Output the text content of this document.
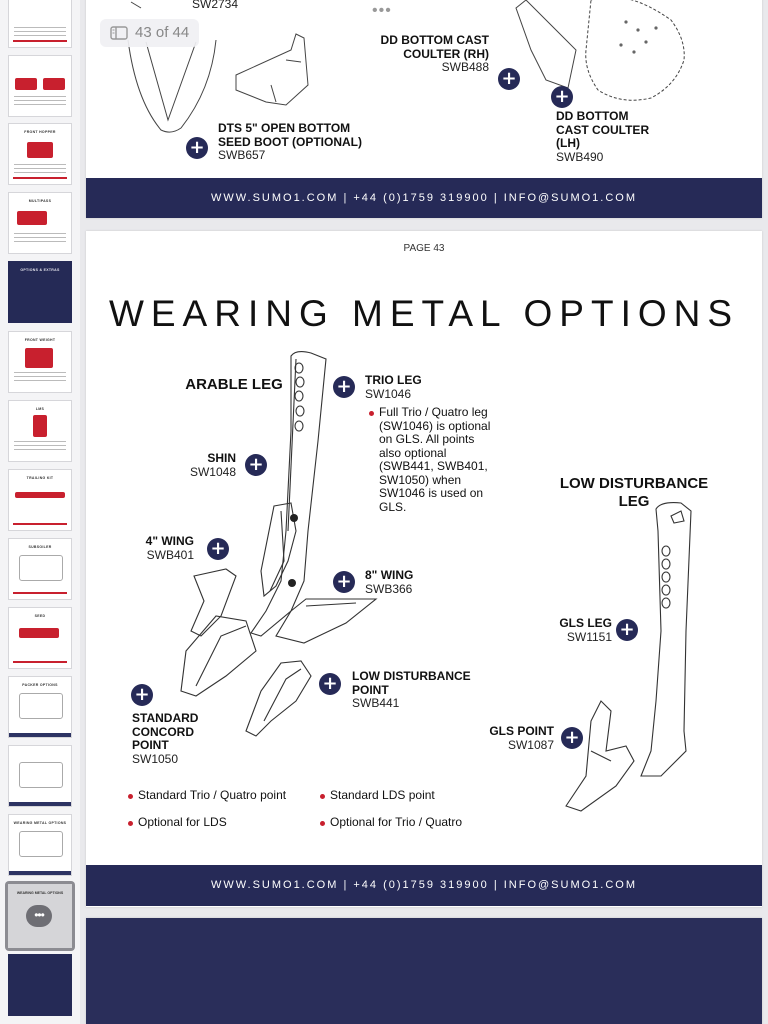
FRONT HOPPER
MULTIPASS
OPTIONS & EXTRAS
FRONT WEIGHT
LMS
TRAILING KIT
SUBSOILER
SEED
PACKER OPTIONS
WEARING METAL OPTIONS
WEARING METAL OPTIONS
•••
SW2734
DD BOTTOM CAST COULTER (RH)
SWB488
+
+
+
DTS 5" OPEN BOTTOM SEED BOOT (OPTIONAL)
SWB657
DD BOTTOM CAST COULTER (LH)
SWB490
WWW.SUMO1.COM | +44 (0)1759 319900 | INFO@SUMO1.COM
PAGE 43
WEARING METAL OPTIONS
ARABLE LEG
LOW DISTURBANCE LEG
+ TRIO LEG
SW1046
Full Trio / Quatro leg (SW1046) is optional on GLS. All points also optional (SWB441, SWB401, SW1050) when SW1046 is used on GLS.
SHIN
SW1048 +
4" WING
SWB401 +
+ 8" WING
SWB366
+ LOW DISTURBANCE POINT
SWB441
+
STANDARD CONCORD POINT
SW1050
GLS LEG
SW1151 +
GLS POINT
SW1087 +
Standard Trio / Quatro point	Standard LDS point
Optional for LDS	Optional for Trio / Quatro
WWW.SUMO1.COM | +44 (0)1759 319900 | INFO@SUMO1.COM
43 of 44
•••
